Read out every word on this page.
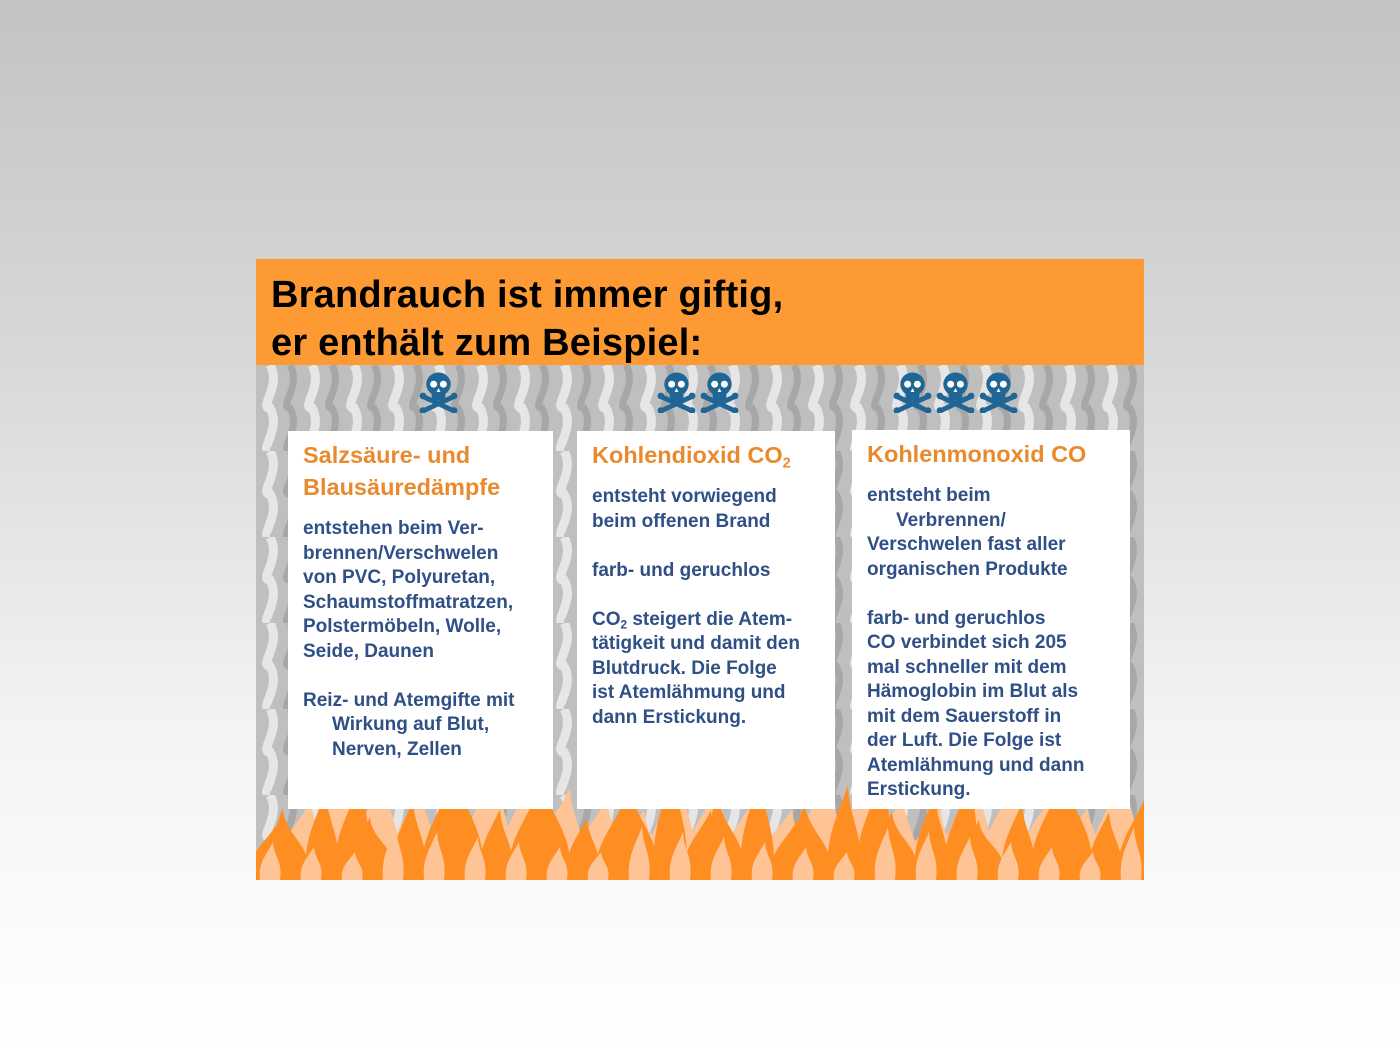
Brandrauch ist immer giftig,
er enthält zum Beispiel:
Salzsäure- und
Blausäuredämpfe

entstehen beim Ver-
brennen/Verschwelen
von PVC, Polyuretan,
Schaumstoffmatratzen,
Polstermöbeln, Wolle,
Seide, Daunen

Reiz- und Atemgifte mit
Wirkung auf Blut,
Nerven, Zellen

Kohlendioxid $CO_2$

entsteht vorwiegend
beim offenen Brand

farb- und geruchlos

$CO_2$ steigert die Atem-
tätigkeit und damit den
Blutdruck. Die Folge
ist Atemlähmung und
dann Erstickung.

Kohlenmonoxid CO

entsteht beim
Verbrennen/
Verschwelen fast aller
organischen Produkte

farb- und geruchlos
CO verbindet sich 205
mal schneller mit dem
Hämoglobin im Blut als
mit dem Sauerstoff in
der Luft. Die Folge ist
Atemlähmung und dann
Erstickung.
